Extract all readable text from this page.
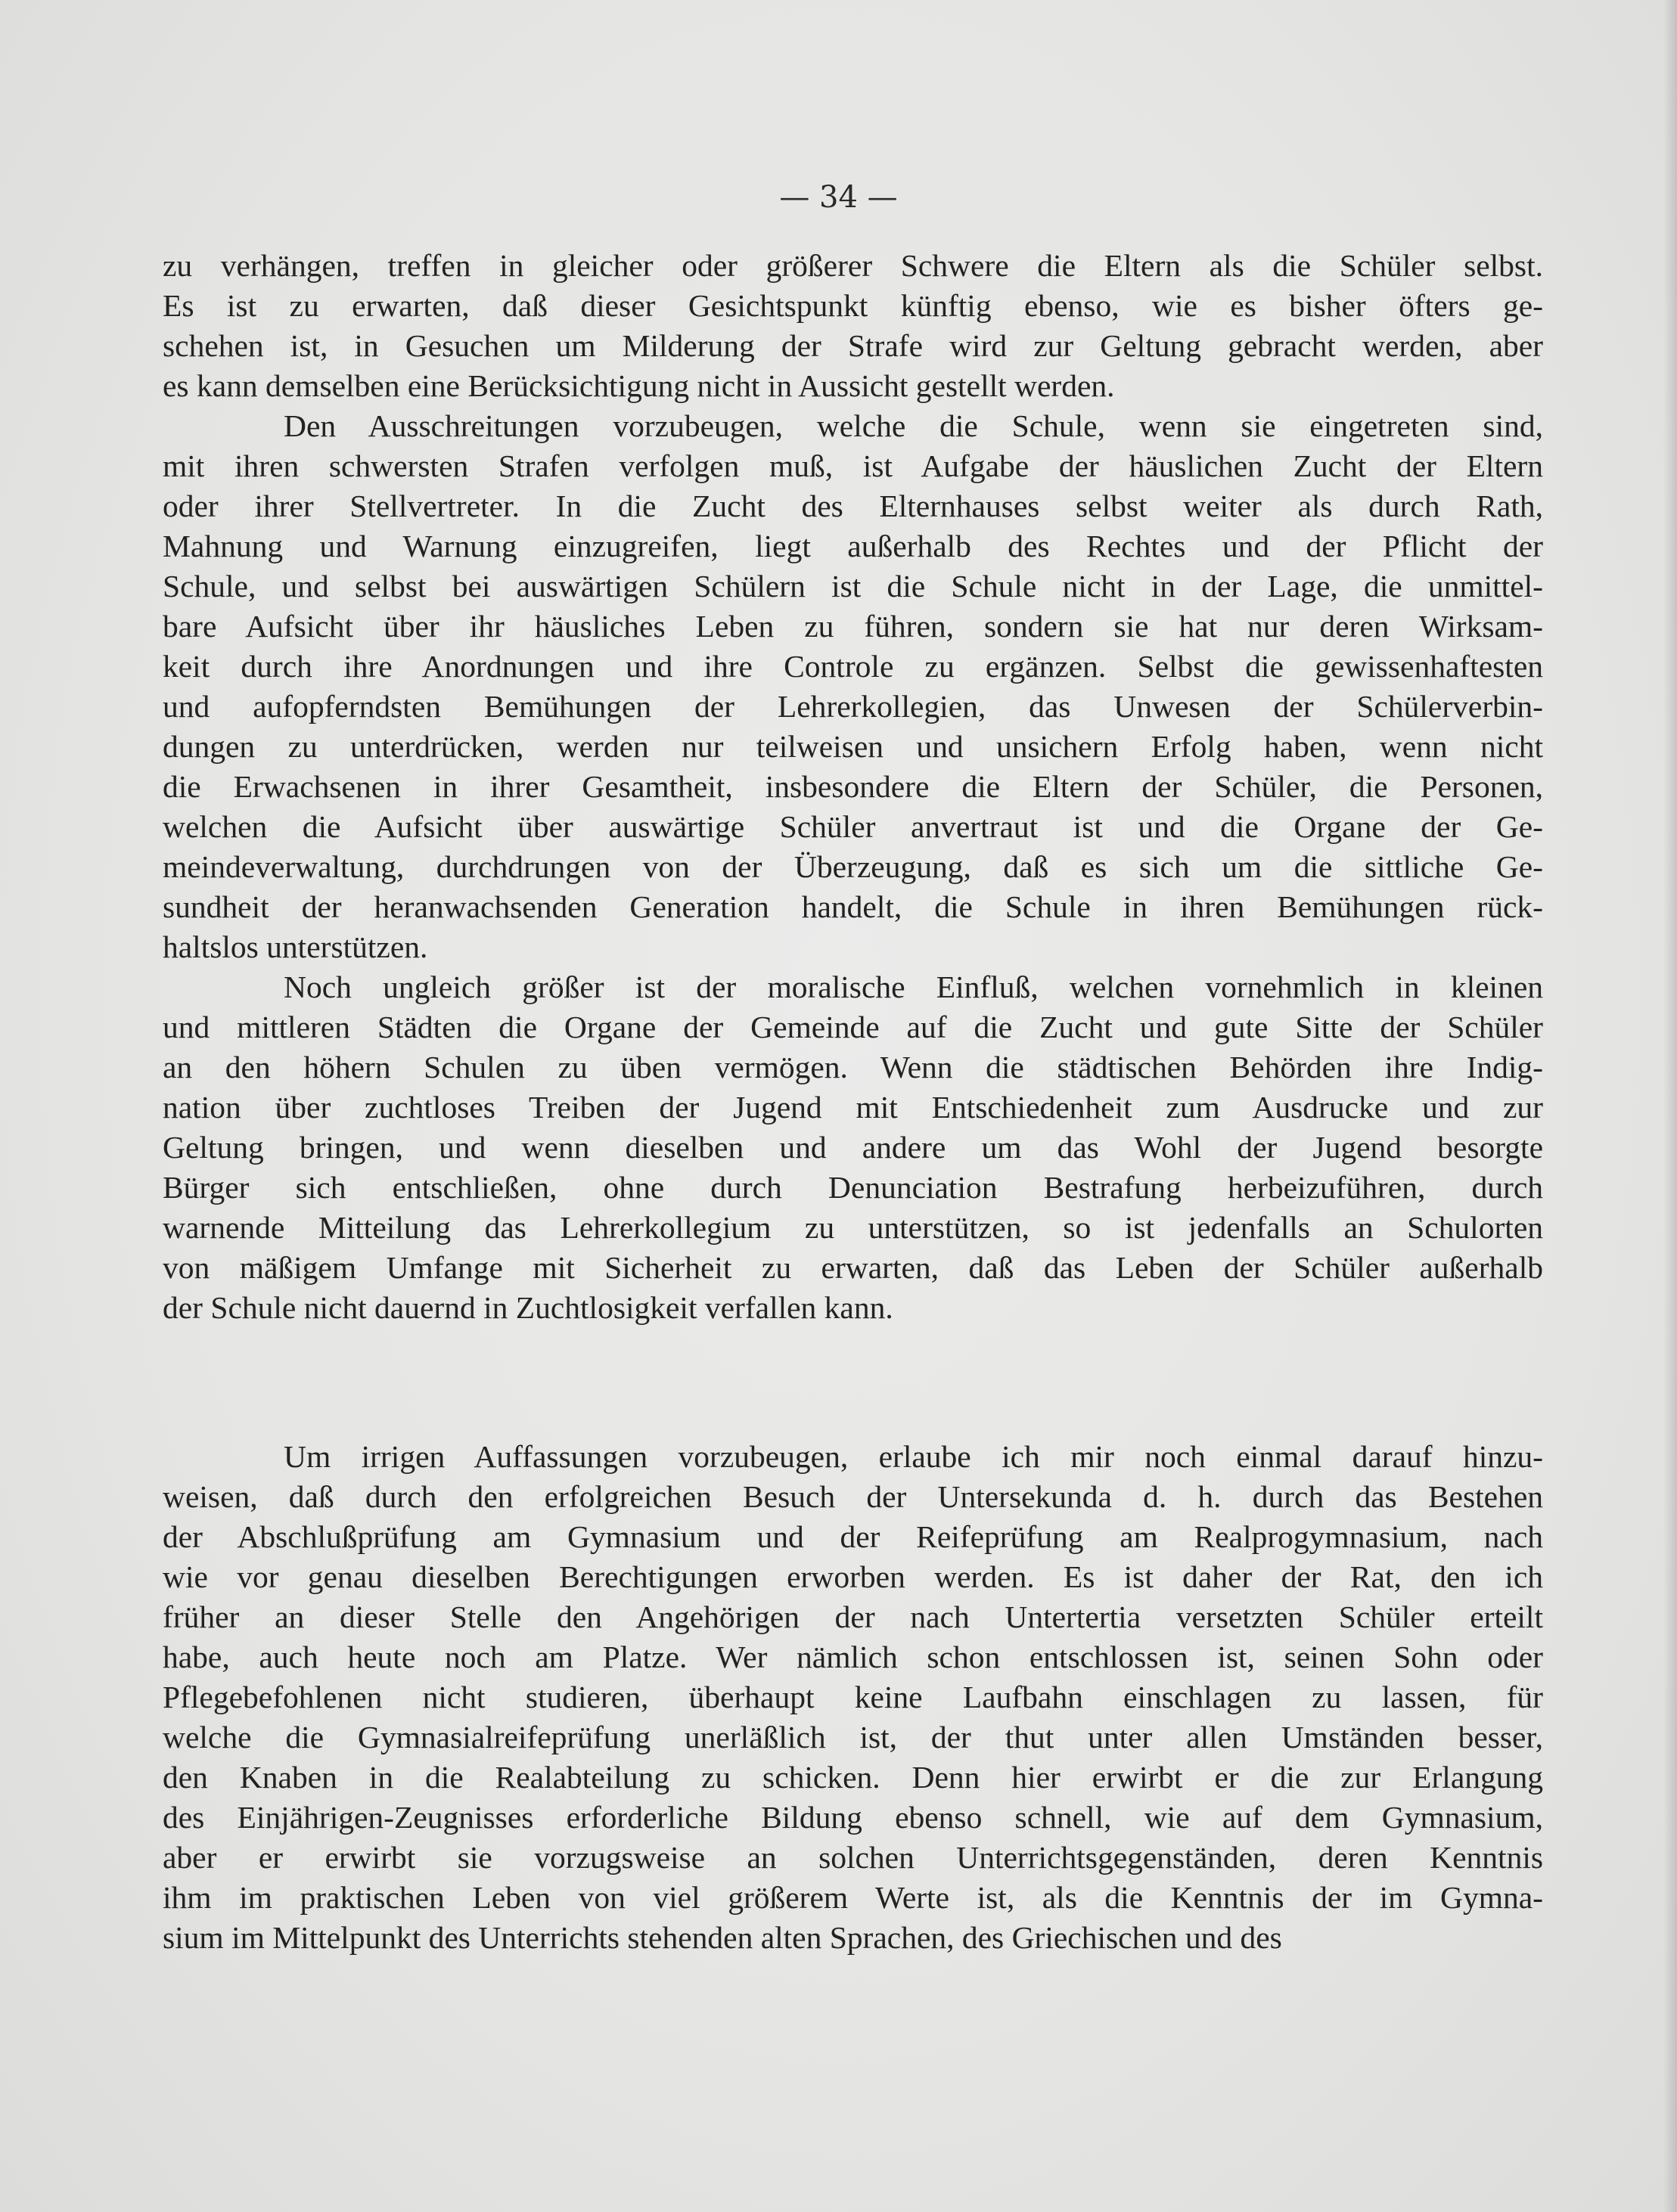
— 34 —
zu verhängen, treffen in gleicher oder größerer Schwere die Eltern als die Schüler selbst.
Es ist zu erwarten, daß dieser Gesichtspunkt künftig ebenso, wie es bisher öfters ge-
schehen ist, in Gesuchen um Milderung der Strafe wird zur Geltung gebracht werden, aber
es kann demselben eine Berücksichtigung nicht in Aussicht gestellt werden.
Den Ausschreitungen vorzubeugen, welche die Schule, wenn sie eingetreten sind,
mit ihren schwersten Strafen verfolgen muß, ist Aufgabe der häuslichen Zucht der Eltern
oder ihrer Stellvertreter. In die Zucht des Elternhauses selbst weiter als durch Rath,
Mahnung und Warnung einzugreifen, liegt außerhalb des Rechtes und der Pflicht der
Schule, und selbst bei auswärtigen Schülern ist die Schule nicht in der Lage, die unmittel-
bare Aufsicht über ihr häusliches Leben zu führen, sondern sie hat nur deren Wirksam-
keit durch ihre Anordnungen und ihre Controle zu ergänzen. Selbst die gewissenhaftesten
und aufopferndsten Bemühungen der Lehrerkollegien, das Unwesen der Schülerverbin-
dungen zu unterdrücken, werden nur teilweisen und unsichern Erfolg haben, wenn nicht
die Erwachsenen in ihrer Gesamtheit, insbesondere die Eltern der Schüler, die Personen,
welchen die Aufsicht über auswärtige Schüler anvertraut ist und die Organe der Ge-
meindeverwaltung, durchdrungen von der Überzeugung, daß es sich um die sittliche Ge-
sundheit der heranwachsenden Generation handelt, die Schule in ihren Bemühungen rück-
haltslos unterstützen.
Noch ungleich größer ist der moralische Einfluß, welchen vornehmlich in kleinen
und mittleren Städten die Organe der Gemeinde auf die Zucht und gute Sitte der Schüler
an den höhern Schulen zu üben vermögen. Wenn die städtischen Behörden ihre Indig-
nation über zuchtloses Treiben der Jugend mit Entschiedenheit zum Ausdrucke und zur
Geltung bringen, und wenn dieselben und andere um das Wohl der Jugend besorgte
Bürger sich entschließen, ohne durch Denunciation Bestrafung herbeizuführen, durch
warnende Mitteilung das Lehrerkollegium zu unterstützen, so ist jedenfalls an Schulorten
von mäßigem Umfange mit Sicherheit zu erwarten, daß das Leben der Schüler außerhalb
der Schule nicht dauernd in Zuchtlosigkeit verfallen kann.
Um irrigen Auffassungen vorzubeugen, erlaube ich mir noch einmal darauf hinzu-
weisen, daß durch den erfolgreichen Besuch der Untersekunda d. h. durch das Bestehen
der Abschlußprüfung am Gymnasium und der Reifeprüfung am Realprogymnasium, nach
wie vor genau dieselben Berechtigungen erworben werden. Es ist daher der Rat, den ich
früher an dieser Stelle den Angehörigen der nach Untertertia versetzten Schüler erteilt
habe, auch heute noch am Platze. Wer nämlich schon entschlossen ist, seinen Sohn oder
Pflegebefohlenen nicht studieren, überhaupt keine Laufbahn einschlagen zu lassen, für
welche die Gymnasialreifeprüfung unerläßlich ist, der thut unter allen Umständen besser,
den Knaben in die Realabteilung zu schicken. Denn hier erwirbt er die zur Erlangung
des Einjährigen-Zeugnisses erforderliche Bildung ebenso schnell, wie auf dem Gymnasium,
aber er erwirbt sie vorzugsweise an solchen Unterrichtsgegenständen, deren Kenntnis
ihm im praktischen Leben von viel größerem Werte ist, als die Kenntnis der im Gymna-
sium im Mittelpunkt des Unterrichts stehenden alten Sprachen, des Griechischen und des
